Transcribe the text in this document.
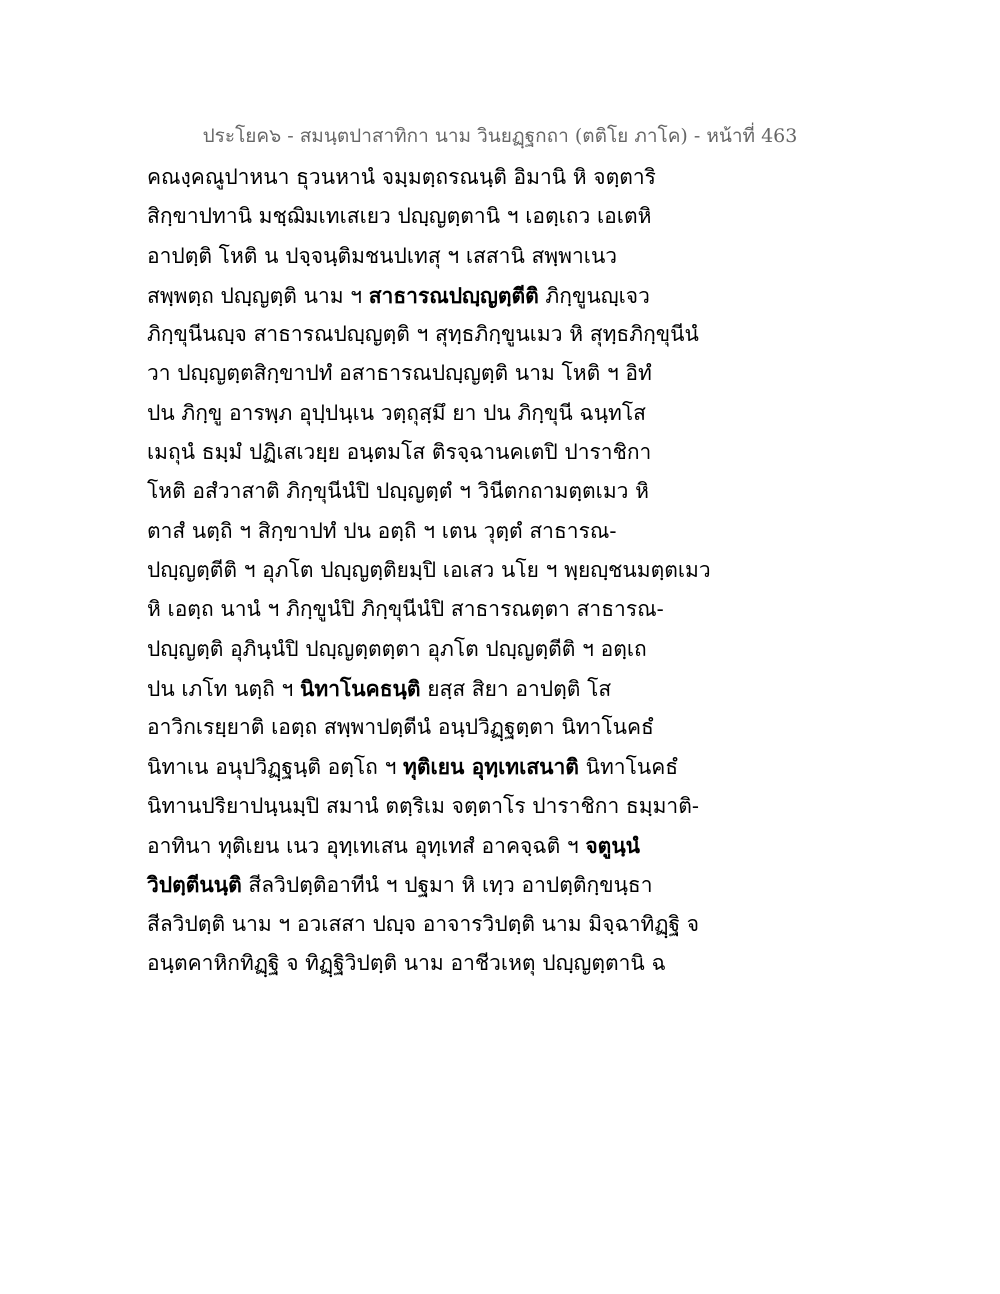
ประโยค๖ - สมนฺตปาสาทิกา นาม วินยฏฺฐกถา (ตติโย ภาโค) - หน้าที่ 463
คณงฺคณูปาหนา ธุวนหานํ จมฺมตฺถรณนฺติ อิมานิ หิ จตฺตาริ
สิกฺขาปทานิ มชฺฌิมเทเสเยว ปญฺญตฺตานิ ฯ เอตฺเถว เอเตหิ
อาปตฺติ โหติ น ปจฺจนฺติมชนปเทสุ ฯ เสสานิ สพฺพาเนว
สพฺพตฺถ ปญฺญตฺติ นาม ฯ สาธารณปญฺญตฺตีติ ภิกฺขูนญฺเจว
ภิกฺขุนีนญฺจ สาธารณปญฺญตฺติ ฯ สุทฺธภิกฺขูนเมว หิ สุทฺธภิกฺขุนีนํ
วา ปญฺญตฺตสิกฺขาปทํ อสาธารณปญฺญตฺติ นาม โหติ ฯ อิทํ
ปน ภิกฺขู อารพฺภ อุปฺปนฺเน วตฺถุสฺมึ ยา ปน ภิกฺขุนี ฉนฺทโส
เมถุนํ ธมฺมํ ปฏิเสเวยฺย อนฺตมโส ติรจฺฉานคเตปิ ปาราชิกา
โหติ อสํวาสาติ ภิกฺขุนีนํปิ ปญฺญตฺตํ ฯ วินีตกถามตฺตเมว หิ
ตาสํ นตฺถิ ฯ สิกฺขาปทํ ปน อตฺถิ ฯ เตน วุตฺตํ สาธารณ-
ปญฺญตฺตีติ ฯ อุภโต ปญฺญตฺติยมฺปิ เอเสว นโย ฯ พฺยญฺชนมตฺตเมว
หิ เอตฺถ นานํ ฯ ภิกฺขูนํปิ ภิกฺขุนีนํปิ สาธารณตฺตา สาธารณ-
ปญฺญตฺติ อุภินฺนํปิ ปญฺญตฺตตฺตา อุภโต ปญฺญตฺตีติ ฯ อตฺเถ
ปน เภโท นตฺถิ ฯ นิทาโนคธนฺติ ยสฺส สิยา อาปตฺติ โส
อาวิกเรยฺยาติ เอตฺถ สพฺพาปตฺตีนํ อนฺปวิฏฺฐตฺตา นิทาโนคธํ
นิทาเน อนุปวิฏฺฐนฺติ อตฺโถ ฯ ทุติเยน อุทฺเทเสนาติ นิทาโนคธํ
นิทานปริยาปนฺนมฺปิ สมานํ ตตฺริเม จตฺตาโร ปาราชิกา ธมฺมาติ-
อาทินา ทุติเยน เนว อุทฺเทเสน อุทฺเทสํ อาคจฺฉติ ฯ จตูนฺนํ
วิปตฺตีนนฺติ สีลวิปตฺติอาทีนํ ฯ ปฐมา หิ เทฺว อาปตฺติกฺขนฺธา
สีลวิปตฺติ นาม ฯ อวเสสา ปญฺจ อาจารวิปตฺติ นาม มิจฺฉาทิฏฺฐิ จ
อนฺตคาหิกทิฏฺฐิ จ ทิฏฺฐิวิปตฺติ นาม อาชีวเหตุ ปญฺญตฺตานิ ฉ
